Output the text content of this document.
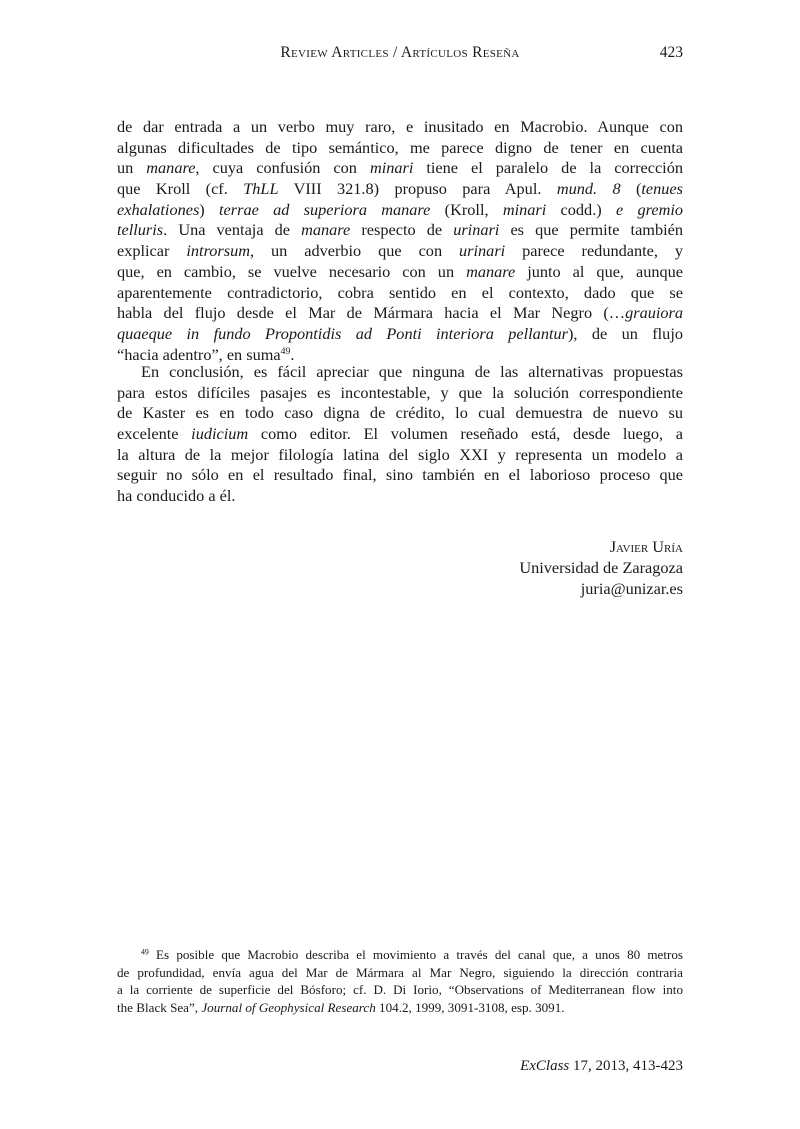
Review Articles / Artículos Reseña	423
de dar entrada a un verbo muy raro, e inusitado en Macrobio. Aunque con
algunas dificultades de tipo semántico, me parece digno de tener en cuenta
un manare, cuya confusión con minari tiene el paralelo de la corrección
que Kroll (cf. ThLL VIII 321.8) propuso para Apul. mund. 8 (tenues
exhalationes) terrae ad superiora manare (Kroll, minari codd.) e gremio
telluris. Una ventaja de manare respecto de urinari es que permite también
explicar introrsum, un adverbio que con urinari parece redundante, y
que, en cambio, se vuelve necesario con un manare junto al que, aunque
aparentemente contradictorio, cobra sentido en el contexto, dado que se
habla del flujo desde el Mar de Mármara hacia el Mar Negro (…grauiora
quaeque in fundo Propontidis ad Ponti interiora pellantur), de un flujo
“hacia adentro”, en suma$^{49}$.
En conclusión, es fácil apreciar que ninguna de las alternativas propuestas
para estos difíciles pasajes es incontestable, y que la solución correspondiente
de Kaster es en todo caso digna de crédito, lo cual demuestra de nuevo su
excelente iudicium como editor. El volumen reseñado está, desde luego, a
la altura de la mejor filología latina del siglo XXI y representa un modelo a
seguir no sólo en el resultado final, sino también en el laborioso proceso que
ha conducido a él.
Javier Uría
Universidad de Zaragoza
juria@unizar.es
$^{49}$ Es posible que Macrobio describa el movimiento a través del canal que, a unos 80 metros
de profundidad, envía agua del Mar de Mármara al Mar Negro, siguiendo la dirección contraria
a la corriente de superficie del Bósforo; cf. D. Di Iorio, “Observations of Mediterranean flow into
the Black Sea”, Journal of Geophysical Research 104.2, 1999, 3091-3108, esp. 3091.
ExClass 17, 2013, 413-423
